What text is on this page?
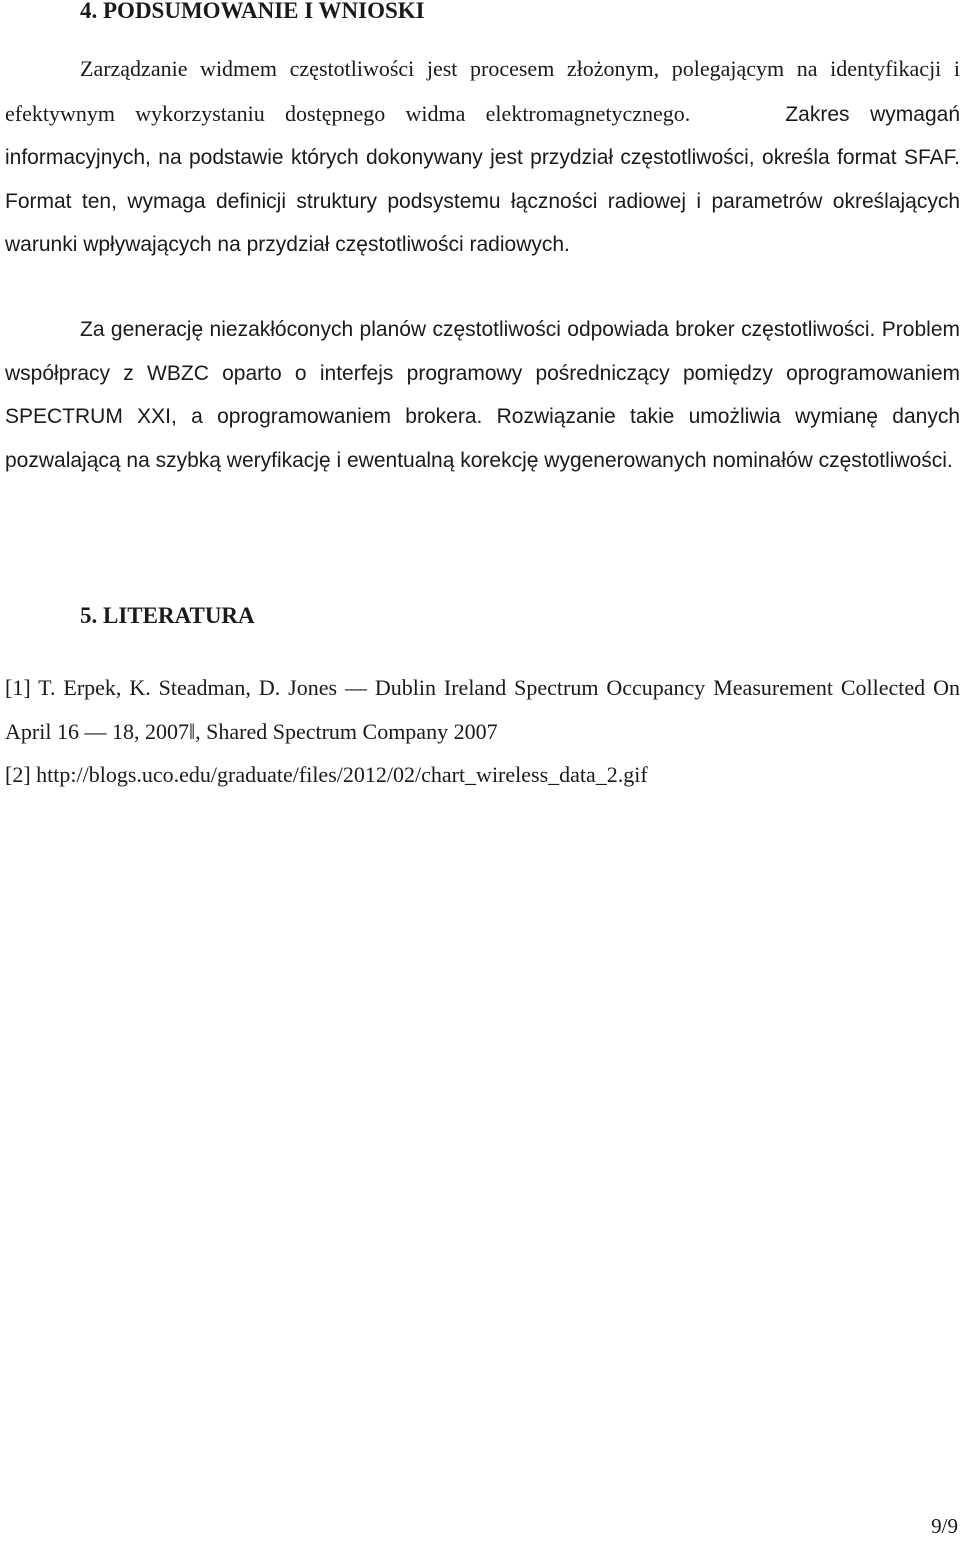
4. PODSUMOWANIE I WNIOSKI

Zarządzanie widmem częstotliwości jest procesem złożonym, polegającym na identyfikacji i efektywnym wykorzystaniu dostępnego widma elektromagnetycznego.	Zakres wymagań informacyjnych, na podstawie których dokonywany jest przydział częstotliwości, określa format SFAF. Format ten, wymaga definicji struktury podsystemu łączności radiowej i parametrów określających warunki wpływających na przydział częstotliwości radiowych.

Za generację niezakłóconych planów częstotliwości odpowiada broker częstotliwości. Problem współpracy z WBZC oparto o interfejs programowy pośredniczący pomiędzy oprogramowaniem SPECTRUM XXI, a oprogramowaniem brokera. Rozwiązanie takie umożliwia wymianę danych pozwalającą na szybką weryfikację i ewentualną korekcję wygenerowanych nominałów częstotliwości.

5. LITERATURA

[1] T. Erpek, K. Steadman, D. Jones ― Dublin Ireland Spectrum Occupancy Measurement Collected On April 16 ― 18, 2007‖, Shared Spectrum Company 2007

[2] http://blogs.uco.edu/graduate/files/2012/02/chart_wireless_data_2.gif

9/9
